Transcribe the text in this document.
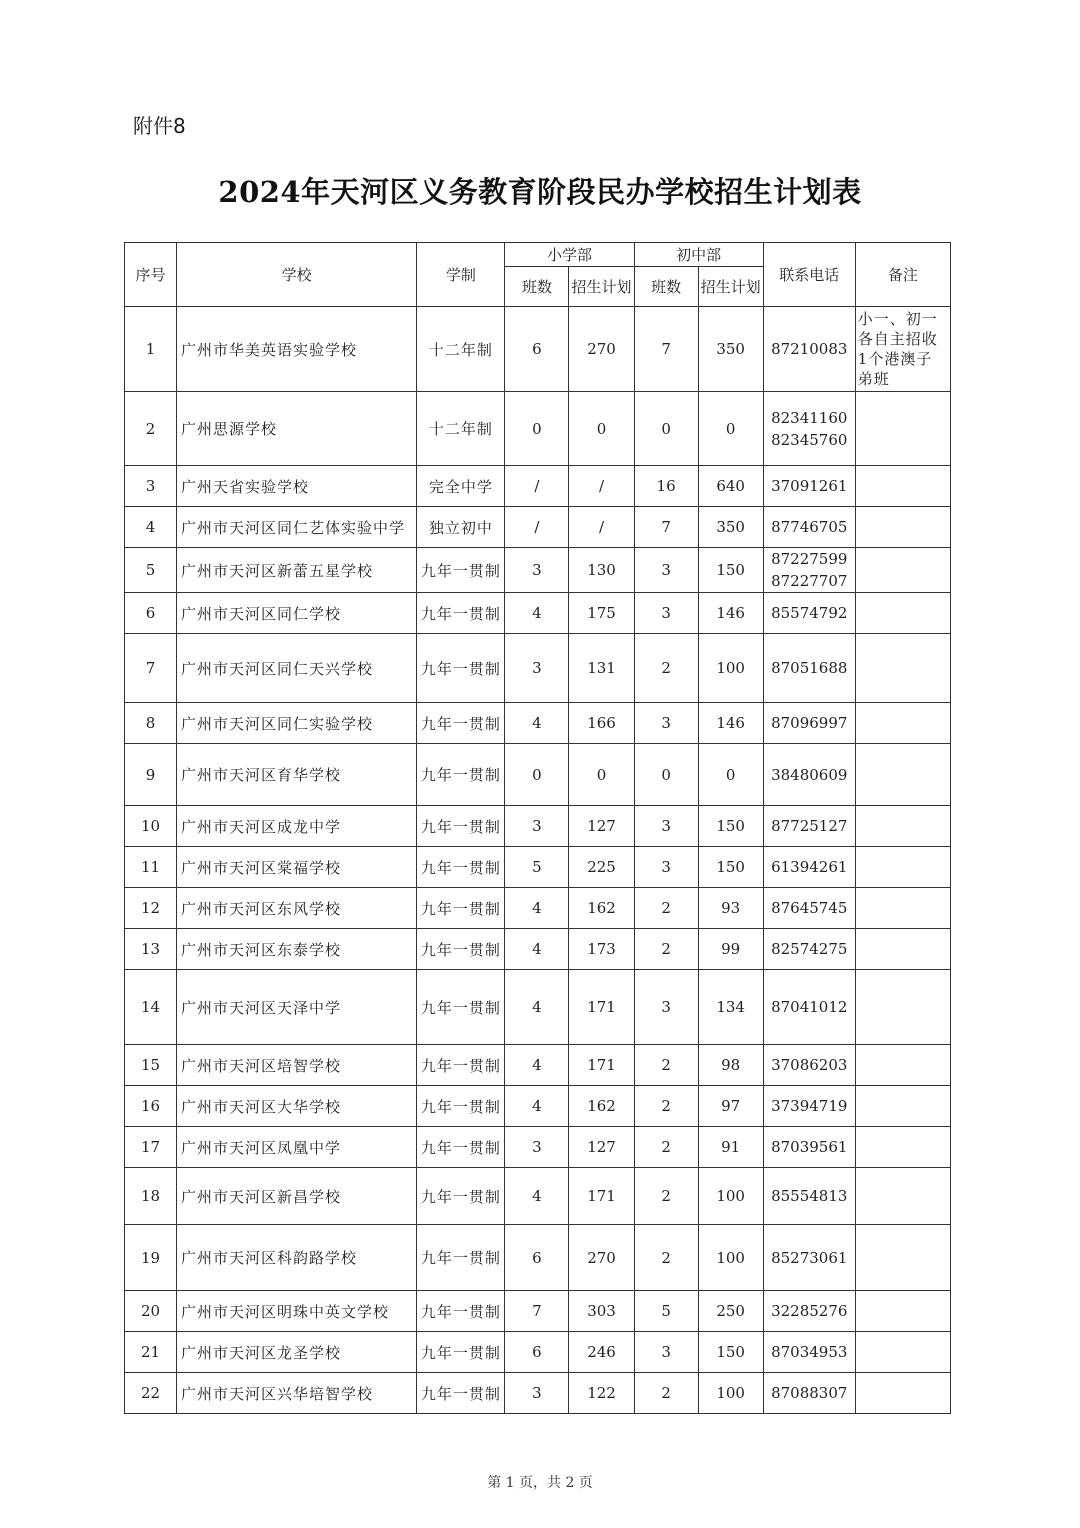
附件8
2024年天河区义务教育阶段民办学校招生计划表
序号	学校	学制	小学部		初中部		联系电话	备注
			班数	招生计划	班数	招生计划		
1	广州市华美英语实验学校	十二年制	6	270	7	350	87210083	小一、初一各自主招收1个港澳子弟班
2	广州思源学校	十二年制	0	0	0	0	82341160
82345760	

3	广州天省实验学校	完全中学	/	/	16	640	37091261	

4	广州市天河区同仁艺体实验中学	独立初中	/	/	7	350	87746705	

5	广州市天河区新蕾五星学校	九年一贯制	3	130	3	150	87227599
87227707	

6	广州市天河区同仁学校	九年一贯制	4	175	3	146	85574792	

7	广州市天河区同仁天兴学校	九年一贯制	3	131	2	100	87051688	

8	广州市天河区同仁实验学校	九年一贯制	4	166	3	146	87096997	

9	广州市天河区育华学校	九年一贯制	0	0	0	0	38480609	

10	广州市天河区成龙中学	九年一贯制	3	127	3	150	87725127	

11	广州市天河区棠福学校	九年一贯制	5	225	3	150	61394261	

12	广州市天河区东风学校	九年一贯制	4	162	2	93	87645745	

13	广州市天河区东泰学校	九年一贯制	4	173	2	99	82574275	

14	广州市天河区天泽中学	九年一贯制	4	171	3	134	87041012	

15	广州市天河区培智学校	九年一贯制	4	171	2	98	37086203	

16	广州市天河区大华学校	九年一贯制	4	162	2	97	37394719	

17	广州市天河区凤凰中学	九年一贯制	3	127	2	91	87039561	

18	广州市天河区新昌学校	九年一贯制	4	171	2	100	85554813	

19	广州市天河区科韵路学校	九年一贯制	6	270	2	100	85273061	

20	广州市天河区明珠中英文学校	九年一贯制	7	303	5	250	32285276	

21	广州市天河区龙圣学校	九年一贯制	6	246	3	150	87034953	

22	广州市天河区兴华培智学校	九年一贯制	3	122	2	100	87088307	

第 1 页，共 2 页
